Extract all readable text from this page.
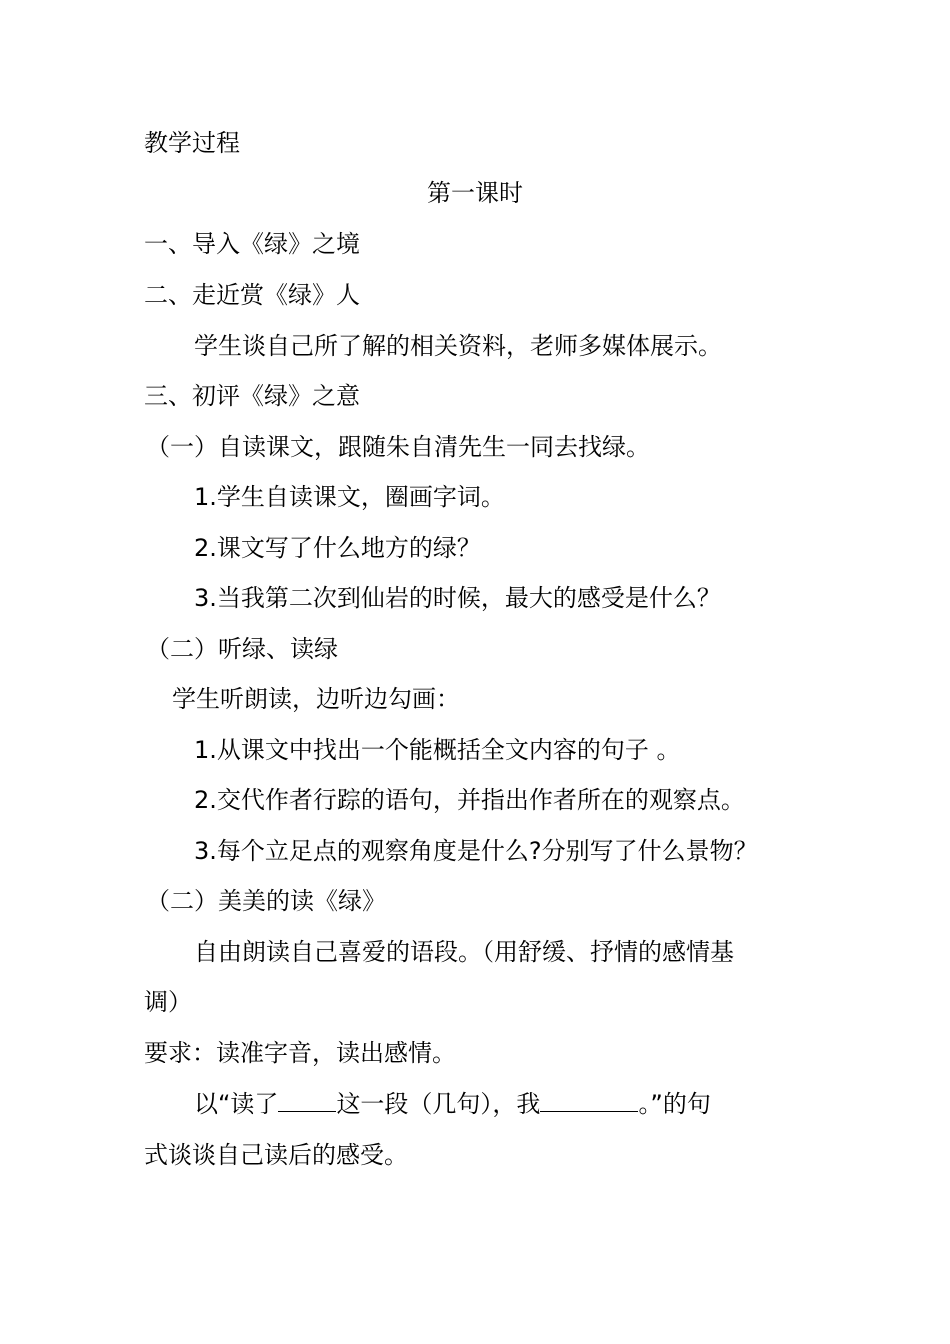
教学过程
第一课时
一、导入《绿》之境
二、走近赏《绿》人
学生谈自己所了解的相关资料，老师多媒体展示。
三、初评《绿》之意
（一）自读课文，跟随朱自清先生一同去找绿。
1.学生自读课文，圈画字词。
2.课文写了什么地方的绿？
3.当我第二次到仙岩的时候，最大的感受是什么？
（二）听绿、读绿
学生听朗读，边听边勾画：
1.从课文中找出一个能概括全文内容的句子 。
2.交代作者行踪的语句，并指出作者所在的观察点。
3.每个立足点的观察角度是什么?分别写了什么景物？
（二）美美的读《绿》
自由朗读自己喜爱的语段。（用舒缓、抒情的感情基
调）
要求：读准字音，读出感情。
以“读了 这一段（几句），我	。”的句
式谈谈自己读后的感受。
